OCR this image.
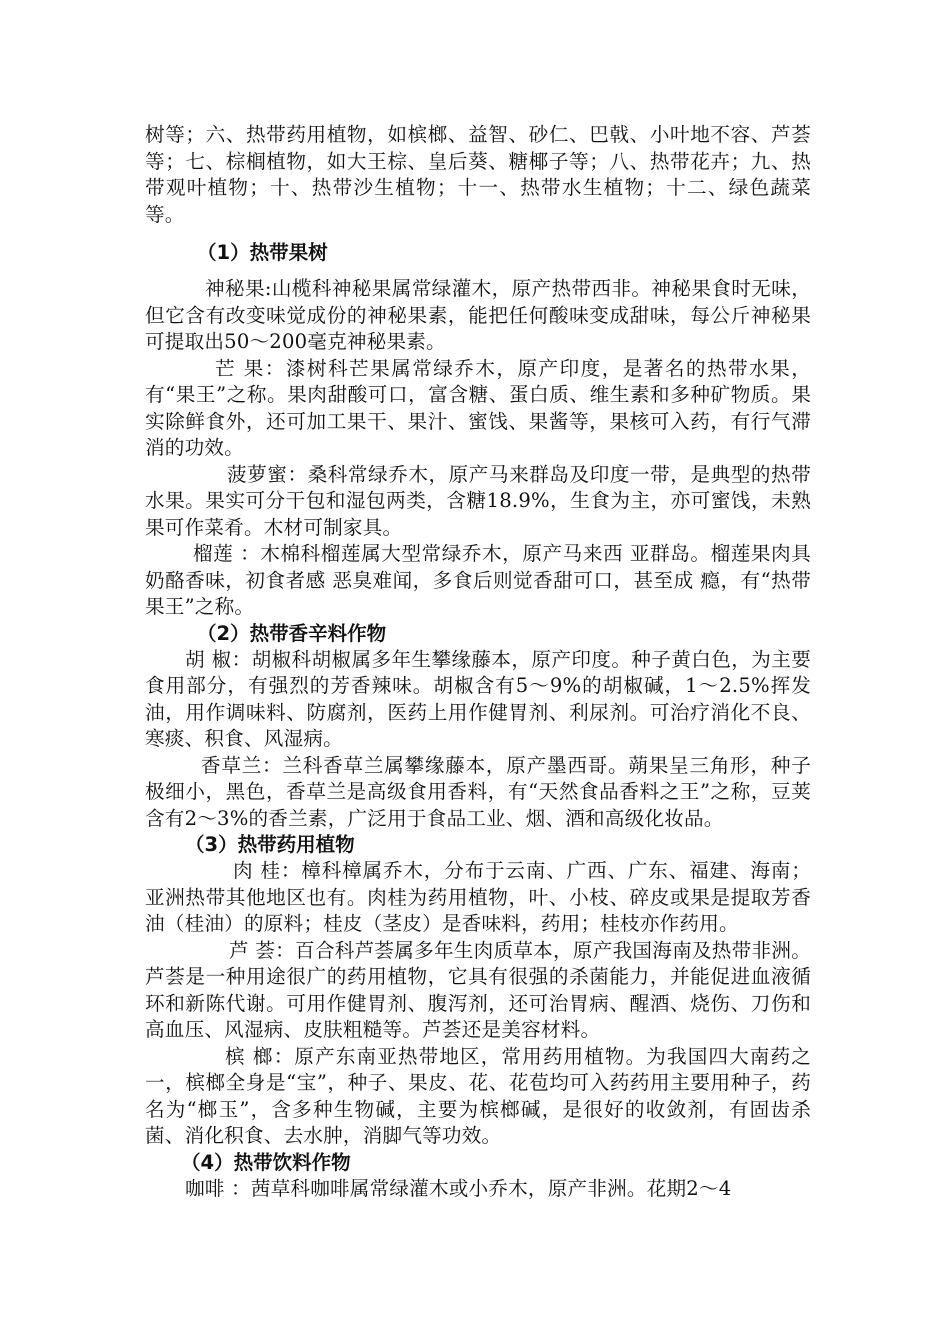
树等；六、热带药用植物，如槟榔、益智、砂仁、巴戟、小叶地不容、芦荟等；七、棕榈植物，如大王棕、皇后葵、糖椰子等；八、热带花卉；九、热带观叶植物；十、热带沙生植物；十一、热带水生植物；十二、绿色蔬菜等。

（1）热带果树

神秘果:山榄科神秘果属常绿灌木，原产热带西非。神秘果食时无味，但它含有改变味觉成份的神秘果素，能把任何酸味变成甜味，每公斤神秘果可提取出50～200毫克神秘果素。

芒 果：漆树科芒果属常绿乔木，原产印度，是著名的热带水果，有“果王”之称。果肉甜酸可口，富含糖、蛋白质、维生素和多种矿物质。果实除鲜食外，还可加工果干、果汁、蜜饯、果酱等，果核可入药，有行气滞消的功效。

菠萝蜜：桑科常绿乔木，原产马来群岛及印度一带，是典型的热带水果。果实可分干包和湿包两类，含糖18.9%，生食为主，亦可蜜饯，未熟果可作菜肴。木材可制家具。

榴莲 ：木棉科榴莲属大型常绿乔木，原产马来西 亚群岛。榴莲果肉具奶酪香味，初食者感 恶臭难闻，多食后则觉香甜可口，甚至成 瘾，有“热带果王”之称。

（2）热带香辛料作物

胡 椒：胡椒科胡椒属多年生攀缘藤本，原产印度。种子黄白色，为主要食用部分，有强烈的芳香辣味。胡椒含有5～9%的胡椒碱，1～2.5%挥发油，用作调味料、防腐剂，医药上用作健胃剂、利尿剂。可治疗消化不良、寒痰、积食、风湿病。

香草兰：兰科香草兰属攀缘藤本，原产墨西哥。蒴果呈三角形，种子极细小，黑色，香草兰是高级食用香料，有“天然食品香料之王”之称，豆荚含有2～3%的香兰素，广泛用于食品工业、烟、酒和高级化妆品。

（3）热带药用植物

肉 桂：樟科樟属乔木，分布于云南、广西、广东、福建、海南；亚洲热带其他地区也有。肉桂为药用植物，叶、小枝、碎皮或果是提取芳香油（桂油）的原料；桂皮（茎皮）是香味料，药用；桂枝亦作药用。

芦 荟：百合科芦荟属多年生肉质草本，原产我国海南及热带非洲。芦荟是一种用途很广的药用植物，它具有很强的杀菌能力，并能促进血液循环和新陈代谢。可用作健胃剂、腹泻剂，还可治胃病、醒酒、烧伤、刀伤和高血压、风湿病、皮肤粗糙等。芦荟还是美容材料。

槟 榔：原产东南亚热带地区，常用药用植物。为我国四大南药之一，槟榔全身是“宝”，种子、果皮、花、花苞均可入药药用主要用种子，药名为“榔玉”，含多种生物碱，主要为槟榔碱，是很好的收敛剂，有固齿杀菌、消化积食、去水肿，消脚气等功效。

（4）热带饮料作物

咖啡 ：茜草科咖啡属常绿灌木或小乔木，原产非洲。花期2～4
